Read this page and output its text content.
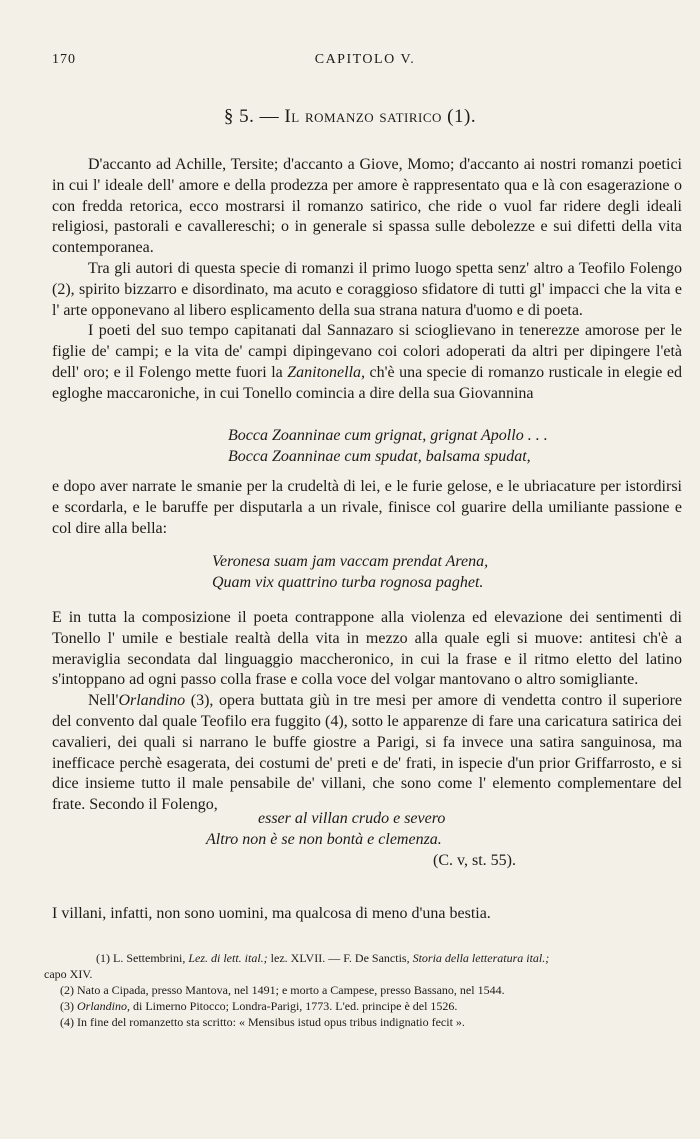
170	CAPITOLO V.
§ 5. — Il romanzo satirico (1).

D'accanto ad Achille, Tersite; d'accanto a Giove, Momo; d'accanto ai nostri romanzi poetici in cui l' ideale dell' amore e della prodezza per amore è rappresentato qua e là con esagerazione o con fredda retorica, ecco mostrarsi il romanzo satirico, che ride o vuol far ridere degli ideali religiosi, pastorali e cavallereschi; o in generale si spassa sulle debolezze e sui difetti della vita contemporanea.

Tra gli autori di questa specie di romanzi il primo luogo spetta senz' altro a Teofilo Folengo (2), spirito bizzarro e disordinato, ma acuto e coraggioso sfidatore di tutti gl' impacci che la vita e l' arte opponevano al libero esplicamento della sua strana natura d'uomo e di poeta.

I poeti del suo tempo capitanati dal Sannazaro si scioglievano in tenerezze amorose per le figlie de' campi; e la vita de' campi dipingevano coi colori adoperati da altri per dipingere l'età dell' oro; e il Folengo mette fuori la Zanitonella, ch'è una specie di romanzo rusticale in elegie ed egloghe maccaroniche, in cui Tonello comincia a dire della sua Giovannina

Bocca Zoanninae cum grignat, grignat Apollo . . .
Bocca Zoanninae cum spudat, balsama spudat,

e dopo aver narrate le smanie per la crudeltà di lei, e le furie gelose, e le ubriacature per istordirsi e scordarla, e le baruffe per disputarla a un rivale, finisce col guarire della umiliante passione e col dire alla bella:

Veronesa suam jam vaccam prendat Arena,
Quam vix quattrino turba rognosa paghet.

E in tutta la composizione il poeta contrappone alla violenza ed elevazione dei sentimenti di Tonello l' umile e bestiale realtà della vita in mezzo alla quale egli si muove: antitesi ch'è a meraviglia secondata dal linguaggio maccheronico, in cui la frase e il ritmo eletto del latino s'intoppano ad ogni passo colla frase e colla voce del volgar mantovano o altro somigliante.

Nell'Orlandino (3), opera buttata giù in tre mesi per amore di vendetta contro il superiore del convento dal quale Teofilo era fuggito (4), sotto le apparenze di fare una caricatura satirica dei cavalieri, dei quali si narrano le buffe giostre a Parigi, si fa invece una satira sanguinosa, ma inefficace perchè esagerata, dei costumi de' preti e de' frati, in ispecie d'un prior Griffarrosto, e si dice insieme tutto il male pensabile de' villani, che sono come l' elemento complementare del frate. Secondo il Folengo,

esser al villan crudo e severo
Altro non è se non bontà e clemenza.
(C. v, st. 55).

I villani, infatti, non sono uomini, ma qualcosa di meno d'una bestia.

(1) L. Settembrini, Lez. di lett. ital.; lez. XLVII. — F. De Sanctis, Storia della letteratura ital.;

capo XIV.

(2) Nato a Cipada, presso Mantova, nel 1491; e morto a Campese, presso Bassano, nel 1544.

(3) Orlandino, di Limerno Pitocco; Londra-Parigi, 1773. L'ed. principe è del 1526.

(4) In fine del romanzetto sta scritto: « Mensibus istud opus tribus indignatio fecit ».
